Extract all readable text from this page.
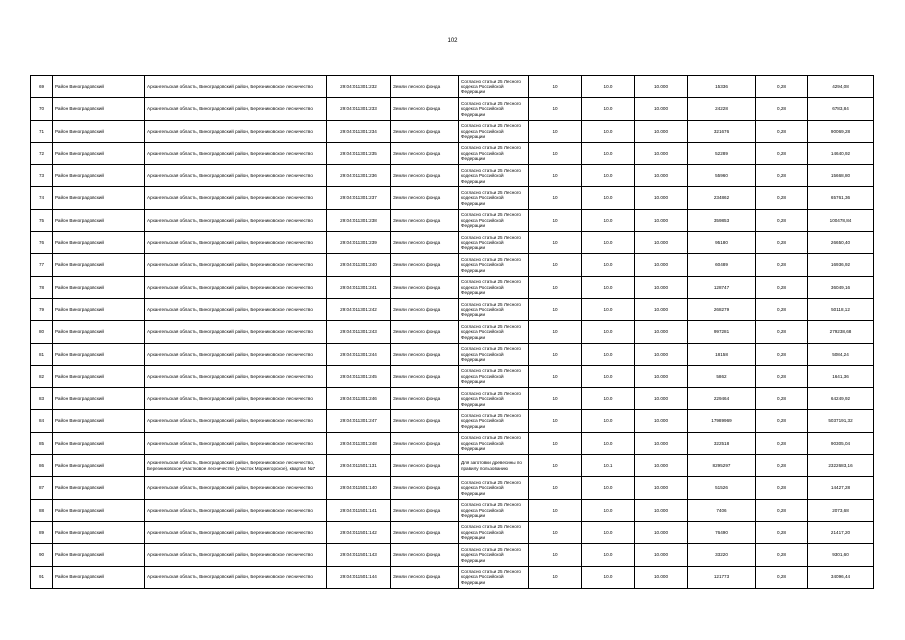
102
69	Район Виноградовский	Архангельская область, Виноградовский район, Березниковское лесничество	29:04:011301:232	Земли лесного фонда	Согласно статьи 25 Лесного кодекса Российской Федерации	10	10.0	10.000	15336	0,28	4294,08
70	Район Виноградовский	Архангельская область, Виноградовский район, Березниковское лесничество	29:04:011301:233	Земли лесного фонда	Согласно статьи 25 Лесного кодекса Российской Федерации	10	10.0	10.000	24228	0,28	6783,84
71	Район Виноградовский	Архангельская область, Виноградовский район, Березниковское лесничество	29:04:011301:234	Земли лесного фонда	Согласно статьи 25 Лесного кодекса Российской Федерации	10	10.0	10.000	321676	0,28	90069,28
72	Район Виноградовский	Архангельская область, Виноградовский район, Березниковское лесничество	29:04:011301:235	Земли лесного фонда	Согласно статьи 25 Лесного кодекса Российской Федерации	10	10.0	10.000	52289	0,28	14640,92
73	Район Виноградовский	Архангельская область, Виноградовский район, Березниковское лесничество	29:04:011301:236	Земли лесного фонда	Согласно статьи 25 Лесного кодекса Российской Федерации	10	10.0	10.000	55960	0,28	15668,80
74	Район Виноградовский	Архангельская область, Виноградовский район, Березниковское лесничество	29:04:011301:237	Земли лесного фонда	Согласно статьи 25 Лесного кодекса Российской Федерации	10	10.0	10.000	234862	0,28	65761,36
75	Район Виноградовский	Архангельская область, Виноградовский район, Березниковское лесничество	29:04:011301:238	Земли лесного фонда	Согласно статьи 25 Лесного кодекса Российской Федерации	10	10.0	10.000	359853	0,28	100478,84
76	Район Виноградовский	Архангельская область, Виноградовский район, Березниковское лесничество	29:04:011301:239	Земли лесного фонда	Согласно статьи 25 Лесного кодекса Российской Федерации	10	10.0	10.000	95180	0,28	26650,40
77	Район Виноградовский	Архангельская область, Виноградовский район, Березниковское лесничество	29:04:011301:240	Земли лесного фонда	Согласно статьи 25 Лесного кодекса Российской Федерации	10	10.0	10.000	60489	0,28	16936,92
78	Район Виноградовский	Архангельская область, Виноградовский район, Березниковское лесничество	29:04:011301:241	Земли лесного фонда	Согласно статьи 25 Лесного кодекса Российской Федерации	10	10.0	10.000	128747	0,28	36049,16
79	Район Виноградовский	Архангельская область, Виноградовский район, Березниковское лесничество	29:04:011301:242	Земли лесного фонда	Согласно статьи 25 Лесного кодекса Российской Федерации	10	10.0	10.000	268279	0,28	50118,12
80	Район Виноградовский	Архангельская область, Виноградовский район, Березниковское лесничество	29:04:011301:243	Земли лесного фонда	Согласно статьи 25 Лесного кодекса Российской Федерации	10	10.0	10.000	997281	0,28	279238,68
81	Район Виноградовский	Архангельская область, Виноградовский район, Березниковское лесничество	29:04:011301:244	Земли лесного фонда	Согласно статьи 25 Лесного кодекса Российской Федерации	10	10.0	10.000	18158	0,28	5084,24
82	Район Виноградовский	Архангельская область, Виноградовский район, Березниковское лесничество	29:04:011301:245	Земли лесного фонда	Согласно статьи 25 Лесного кодекса Российской Федерации	10	10.0	10.000	5862	0,28	1641,36
83	Район Виноградовский	Архангельская область, Виноградовский район, Березниковское лесничество	29:04:011301:246	Земли лесного фонда	Согласно статьи 25 Лесного кодекса Российской Федерации	10	10.0	10.000	229464	0,28	64249,92
84	Район Виноградовский	Архангельская область, Виноградовский район, Березниковское лесничество	29:04:011301:247	Земли лесного фонда	Согласно статьи 25 Лесного кодекса Российской Федерации	10	10.0	10.000	17989969	0,28	5037191,32
85	Район Виноградовский	Архангельская область, Виноградовский район, Березниковское лесничество	29:04:011301:248	Земли лесного фонда	Согласно статьи 25 Лесного кодекса Российской Федерации	10	10.0	10.000	322518	0,28	90305,04
86	Район Виноградовский	Архангельская область, Виноградовский район, Березниковское лесничество, Березниковское участковое лесничество (участок Моржегорское), квартал №7	29:04:011501:131	Земли лесного фонда	Для заготовки древесины по правилу пользованию	10	10.1	10.000	8295297	0,28	2322683,16
87	Район Виноградовский	Архангельская область, Виноградовский район, Березниковское лесничество	29:04:011501:140	Земли лесного фонда	Согласно статьи 25 Лесного кодекса Российской Федерации	10	10.0	10.000	51526	0,28	14427,28
88	Район Виноградовский	Архангельская область, Виноградовский район, Березниковское лесничество	29:04:011501:141	Земли лесного фонда	Согласно статьи 25 Лесного кодекса Российской Федерации	10	10.0	10.000	7406	0,28	2073,68
89	Район Виноградовский	Архангельская область, Виноградовский район, Березниковское лесничество	29:04:011501:142	Земли лесного фонда	Согласно статьи 25 Лесного кодекса Российской Федерации	10	10.0	10.000	76490	0,28	21417,20
90	Район Виноградовский	Архангельская область, Виноградовский район, Березниковское лесничество	29:04:011501:143	Земли лесного фонда	Согласно статьи 25 Лесного кодекса Российской Федерации	10	10.0	10.000	33220	0,28	9301,60
91	Район Виноградовский	Архангельская область, Виноградовский район, Березниковское лесничество	29:04:011501:144	Земли лесного фонда	Согласно статьи 25 Лесного кодекса Российской Федерации	10	10.0	10.000	121773	0,28	34096,44
